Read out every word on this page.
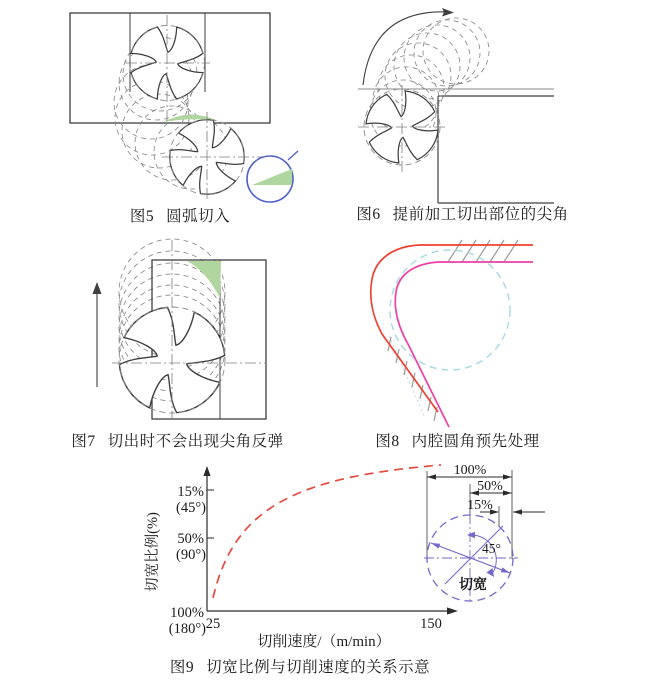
15%
(45°)
50%
(90°)
100%
(180°) 25	150
切削速度/（m/min）
切宽比例(%)
100%
50%
15%
45°
切宽
图5 圆弧切入	图6 提前加工切出部位的尖角
图7 切出时不会出现尖角反弹	图8 内腔圆角预先处理
图9 切宽比例与切削速度的关系示意
